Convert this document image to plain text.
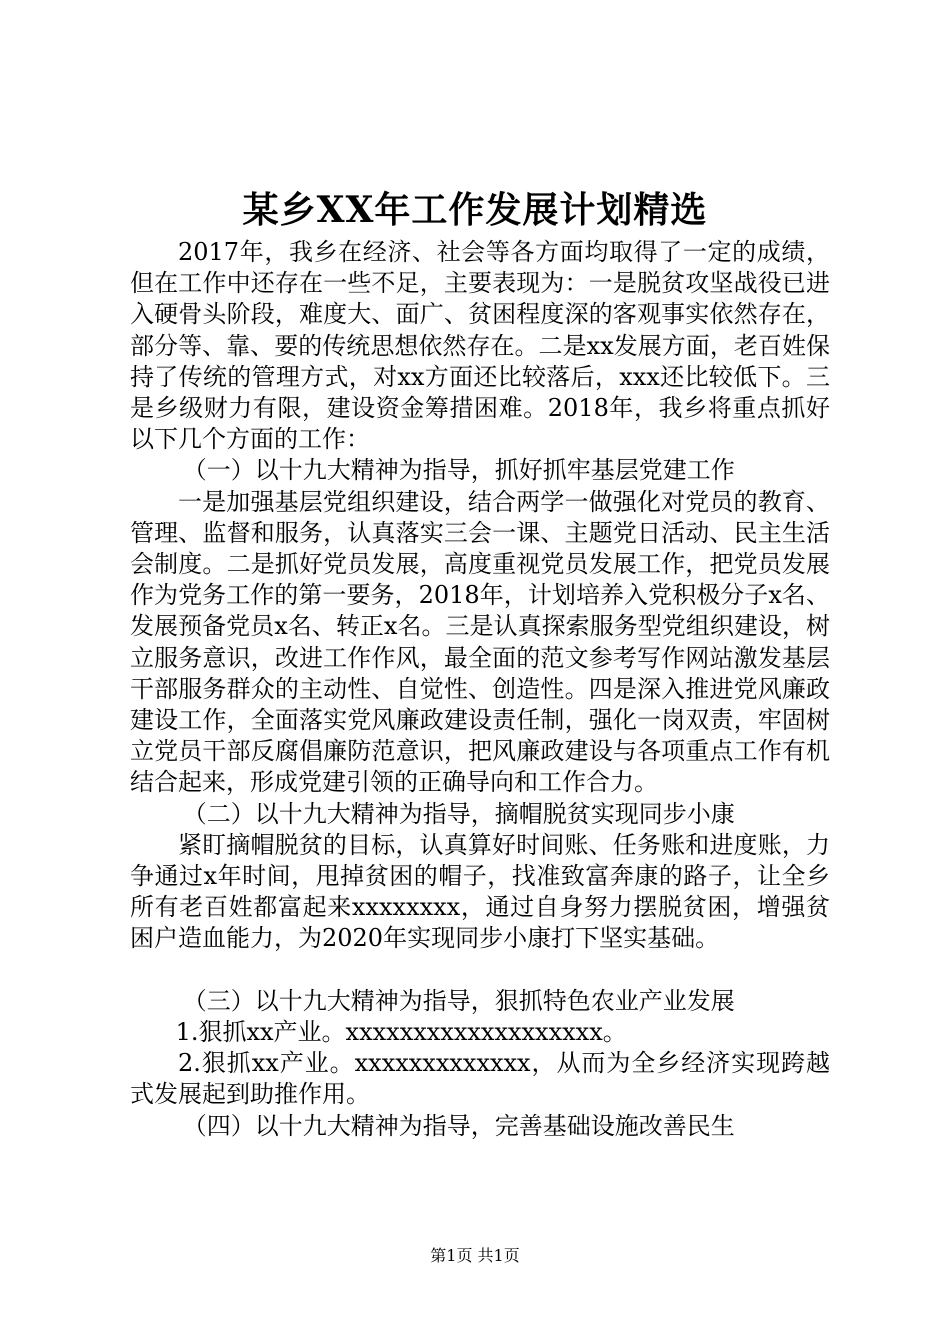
某乡XX年工作发展计划精选

2017年，我乡在经济、社会等各方面均取得了一定的成绩，但在工作中还存在一些不足，主要表现为：一是脱贫攻坚战役已进入硬骨头阶段，难度大、面广、贫困程度深的客观事实依然存在，部分等、靠、要的传统思想依然存在。二是xx发展方面，老百姓保持了传统的管理方式，对xx方面还比较落后，xxx还比较低下。三是乡级财力有限，建设资金筹措困难。2018年，我乡将重点抓好以下几个方面的工作：

（一）以十九大精神为指导，抓好抓牢基层党建工作

一是加强基层党组织建设，结合两学一做强化对党员的教育、管理、监督和服务，认真落实三会一课、主题党日活动、民主生活会制度。二是抓好党员发展，高度重视党员发展工作，把党员发展作为党务工作的第一要务，2018年，计划培养入党积极分子x名、发展预备党员x名、转正x名。三是认真探索服务型党组织建设，树立服务意识，改进工作作风，最全面的范文参考写作网站激发基层干部服务群众的主动性、自觉性、创造性。四是深入推进党风廉政建设工作，全面落实党风廉政建设责任制，强化一岗双责，牢固树立党员干部反腐倡廉防范意识，把风廉政建设与各项重点工作有机结合起来，形成党建引领的正确导向和工作合力。

（二）以十九大精神为指导，摘帽脱贫实现同步小康

紧盯摘帽脱贫的目标，认真算好时间账、任务账和进度账，力争通过x年时间，甩掉贫困的帽子，找准致富奔康的路子，让全乡所有老百姓都富起来xxxxxxxx，通过自身努力摆脱贫困，增强贫困户造血能力，为2020年实现同步小康打下坚实基础。

（三）以十九大精神为指导，狠抓特色农业产业发展

1.狠抓xx产业。xxxxxxxxxxxxxxxxxxx。

2.狠抓xx产业。xxxxxxxxxxxxx，从而为全乡经济实现跨越式发展起到助推作用。

（四）以十九大精神为指导，完善基础设施改善民生

第1页 共1页
